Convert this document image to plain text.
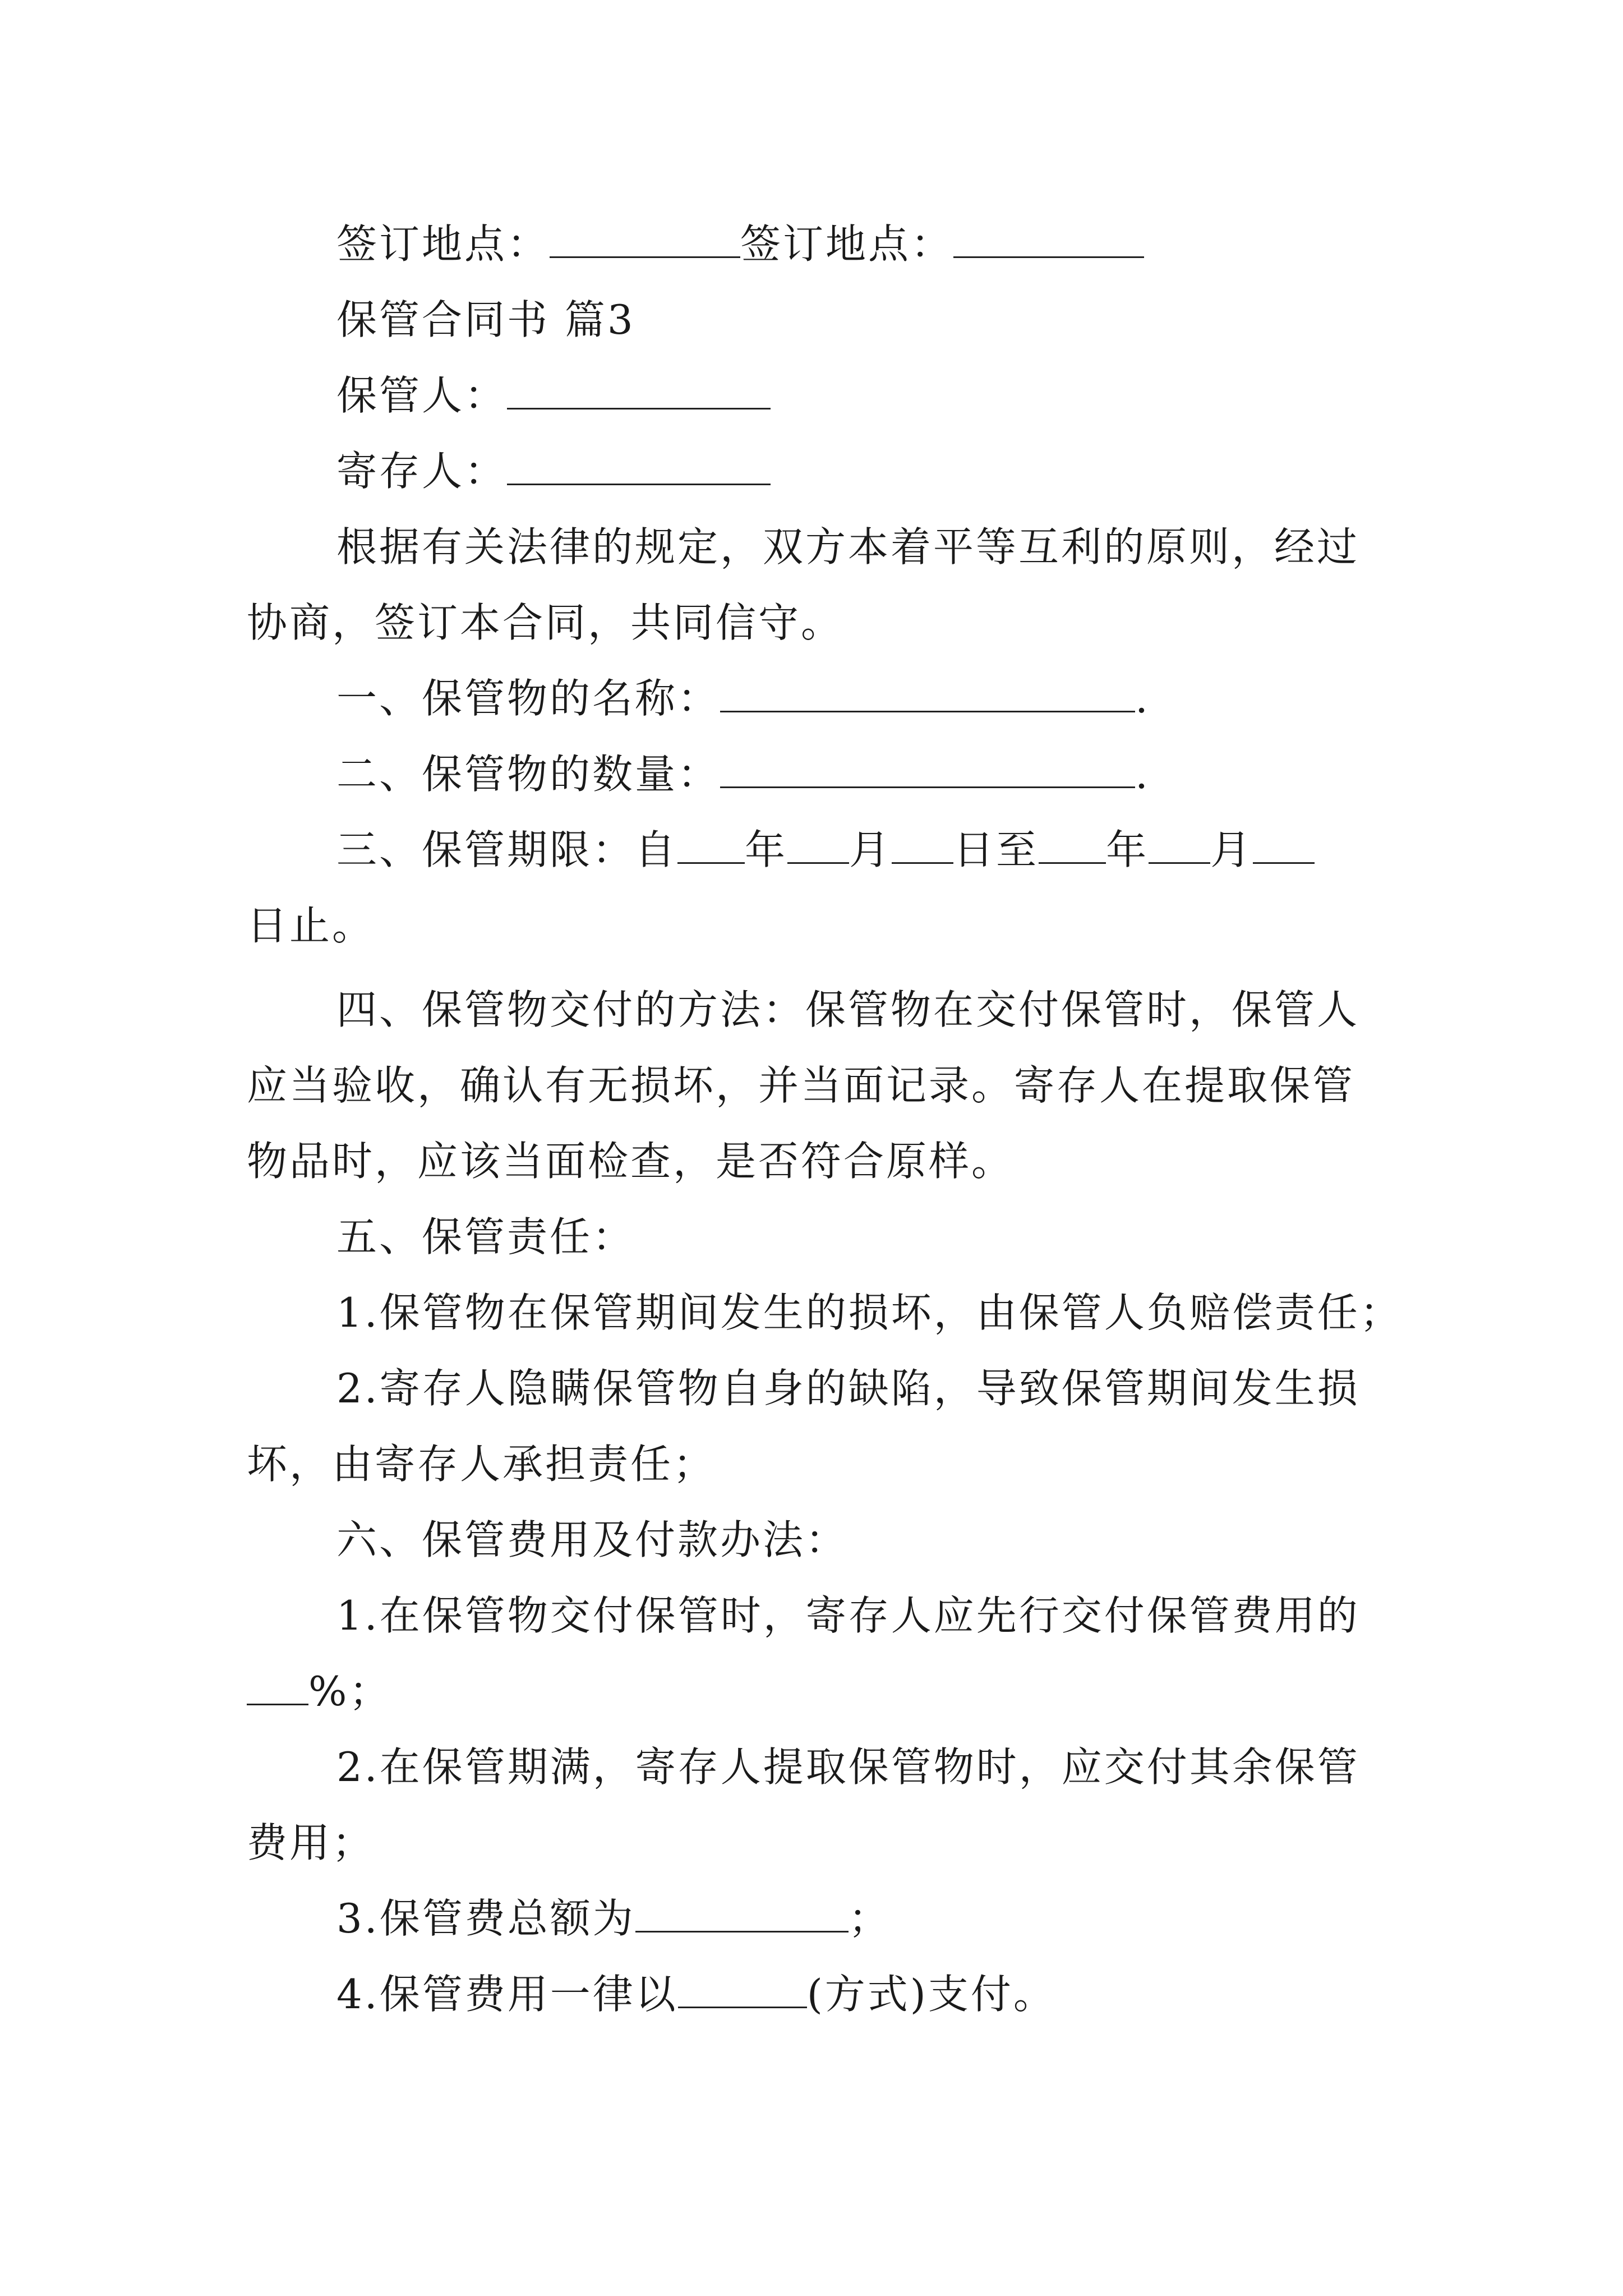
签订地点：	签订地点：
保管合同书 篇3
保管人：
寄存人：
根据有关法律的规定，双方本着平等互利的原则，经过
协商，签订本合同，共同信守。
一、保管物的名称：	.
二、保管物的数量：	.
三、保管期限：自 年 月 日至 年 月
日止。
四、保管物交付的方法：保管物在交付保管时，保管人
应当验收，确认有无损坏，并当面记录。寄存人在提取保管
物品时，应该当面检查，是否符合原样。
五、保管责任：
1.保管物在保管期间发生的损坏，由保管人负赔偿责任；
2.寄存人隐瞒保管物自身的缺陷，导致保管期间发生损
坏，由寄存人承担责任；
六、保管费用及付款办法：
1.在保管物交付保管时，寄存人应先行交付保管费用的
%；
2.在保管期满，寄存人提取保管物时，应交付其余保管
费用；
3.保管费总额为	；
4.保管费用一律以	(方式)支付。
